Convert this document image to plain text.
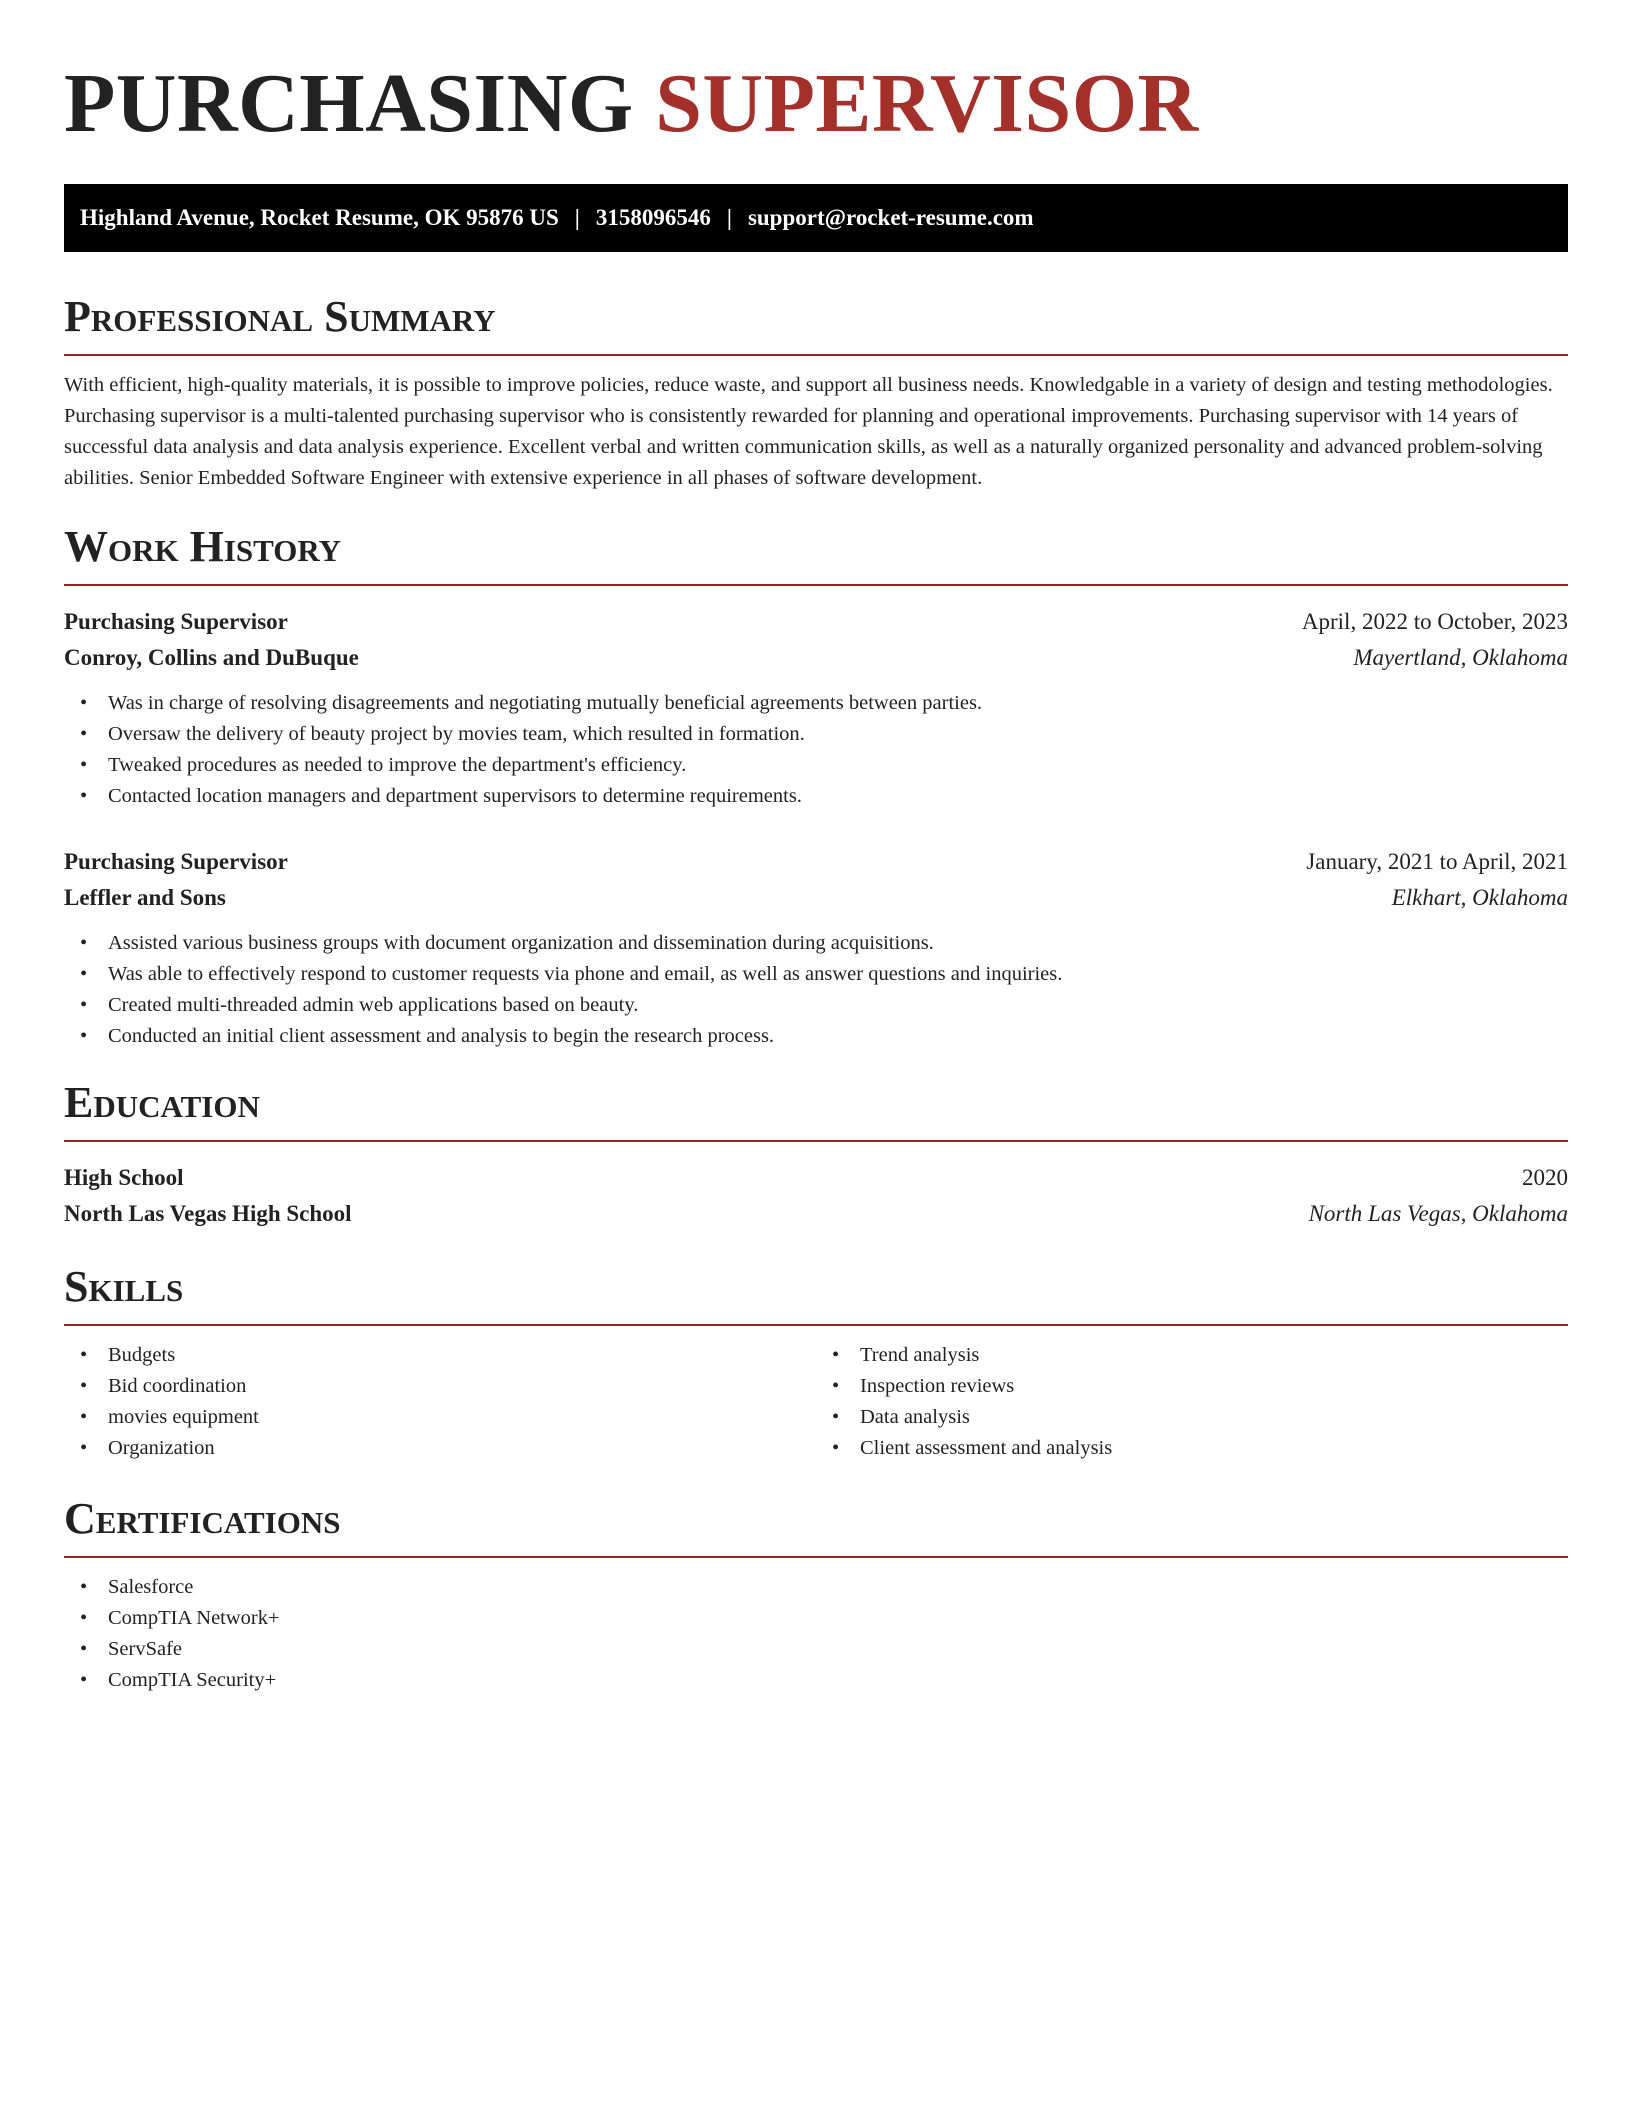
PURCHASING SUPERVISOR
Highland Avenue, Rocket Resume, OK 95876 US | 3158096546 | support@rocket-resume.com
Professional Summary

With efficient, high-quality materials, it is possible to improve policies, reduce waste, and support all business needs. Knowledgable in a variety of design and testing methodologies. Purchasing supervisor is a multi-talented purchasing supervisor who is consistently rewarded for planning and operational improvements. Purchasing supervisor with 14 years of successful data analysis and data analysis experience. Excellent verbal and written communication skills, as well as a naturally organized personality and advanced problem-solving abilities. Senior Embedded Software Engineer with extensive experience in all phases of software development.

Work History
Purchasing Supervisor	April, 2022 to October, 2023
Conroy, Collins and DuBuque	Mayertland, Oklahoma
• Was in charge of resolving disagreements and negotiating mutually beneficial agreements between parties.
• Oversaw the delivery of beauty project by movies team, which resulted in formation.
• Tweaked procedures as needed to improve the department's efficiency.
• Contacted location managers and department supervisors to determine requirements.
Purchasing Supervisor	January, 2021 to April, 2021
Leffler and Sons	Elkhart, Oklahoma
• Assisted various business groups with document organization and dissemination during acquisitions.
• Was able to effectively respond to customer requests via phone and email, as well as answer questions and inquiries.
• Created multi-threaded admin web applications based on beauty.
• Conducted an initial client assessment and analysis to begin the research process.
Education
High School	2020
North Las Vegas High School	North Las Vegas, Oklahoma
Skills
• Budgets
• Bid coordination
• movies equipment
• Organization
• Trend analysis
• Inspection reviews
• Data analysis
• Client assessment and analysis
Certifications
• Salesforce
• CompTIA Network+
• ServSafe
• CompTIA Security+
